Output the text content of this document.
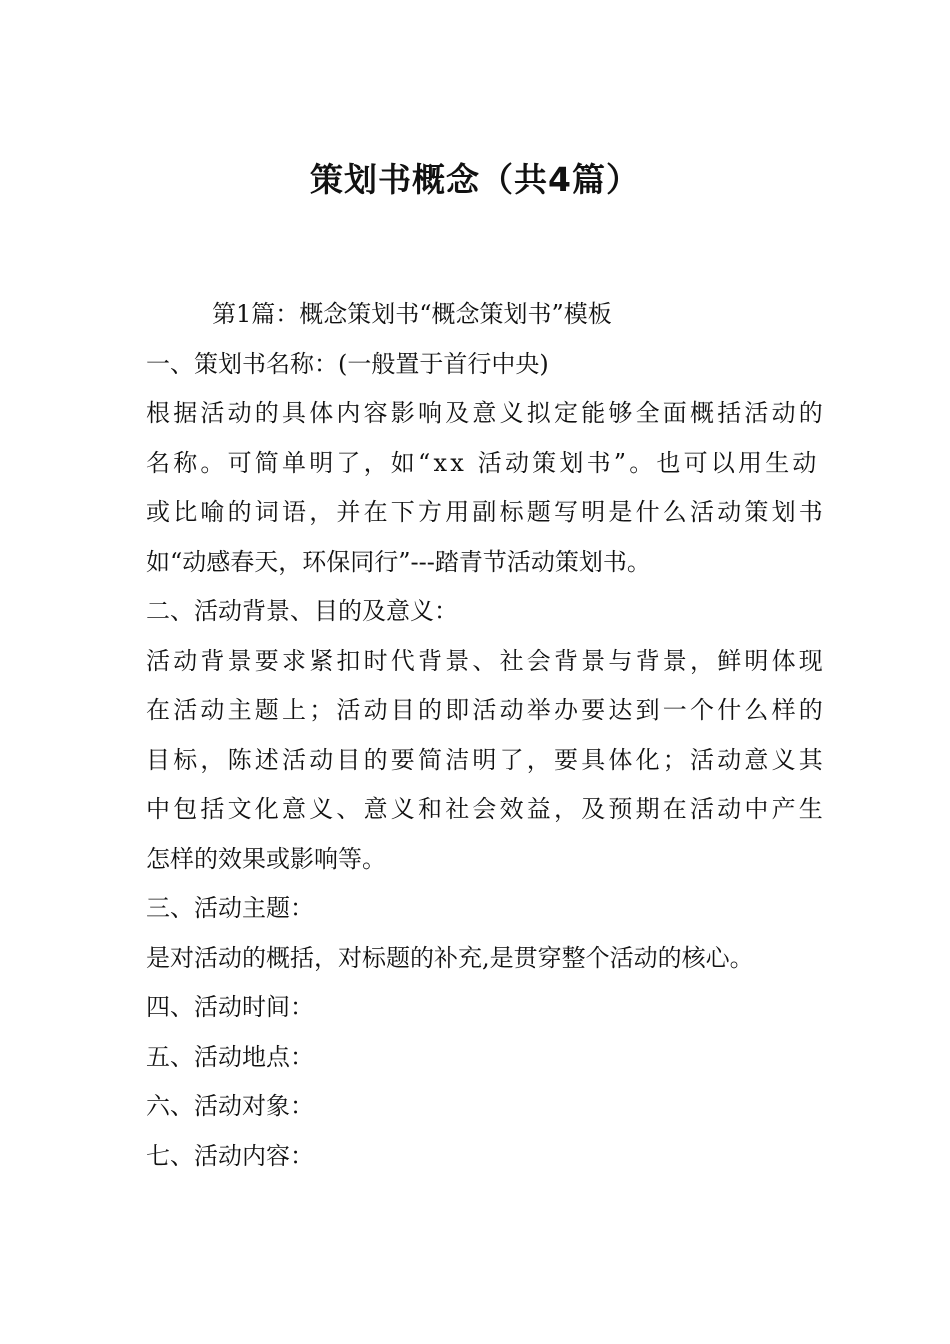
策划书概念（共4篇）

第1篇：概念策划书“概念策划书”模板

一、策划书名称：(一般置于首行中央)

根据活动的具体内容影响及意义拟定能够全面概括活动的

名称。可简单明了，如“xx 活动策划书”。也可以用生动

或比喻的词语，并在下方用副标题写明是什么活动策划书

如“动感春天，环保同行”---踏青节活动策划书。

二、活动背景、目的及意义：

活动背景要求紧扣时代背景、社会背景与背景，鲜明体现

在活动主题上；活动目的即活动举办要达到一个什么样的

目标，陈述活动目的要简洁明了，要具体化；活动意义其

中包括文化意义、意义和社会效益，及预期在活动中产生

怎样的效果或影响等。

三、活动主题：

是对活动的概括，对标题的补充,是贯穿整个活动的核心。

四、活动时间：

五、活动地点：

六、活动对象：

七、活动内容：
